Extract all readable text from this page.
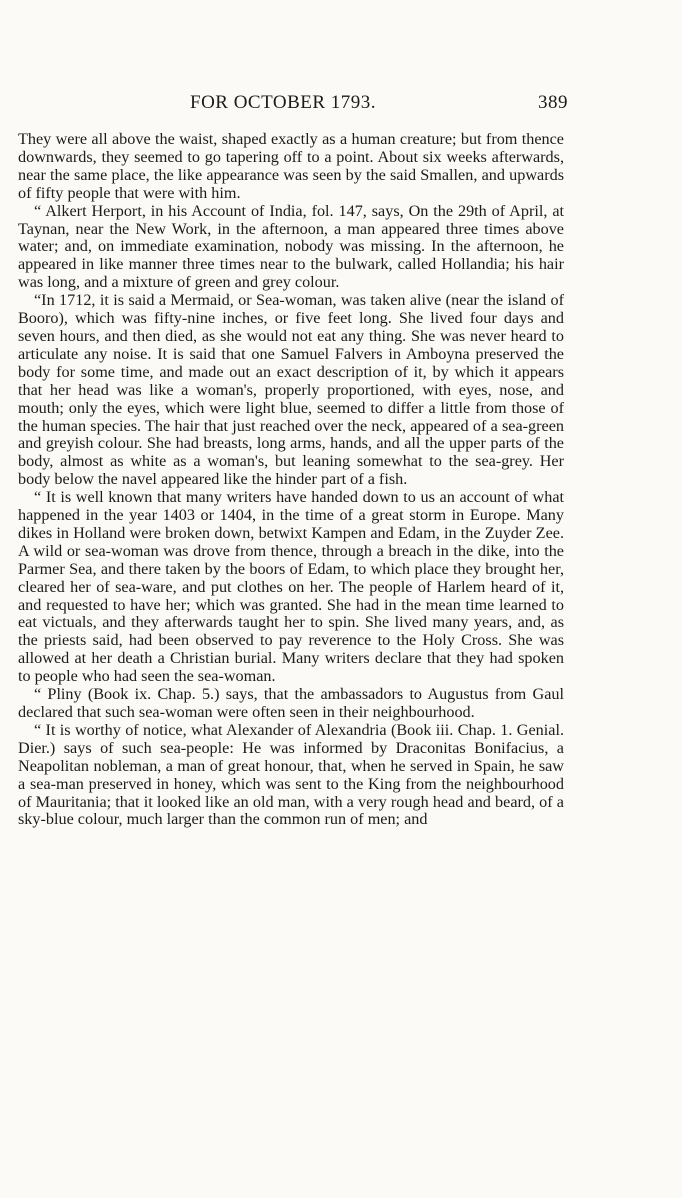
FOR OCTOBER 1793.	389

They were all above the waist, shaped exactly as a human creature; but from thence downwards, they seemed to go tapering off to a point. About six weeks afterwards, near the same place, the like appearance was seen by the said Smallen, and upwards of fifty people that were with him.

“ Alkert Herport, in his Account of India, fol. 147, says, On the 29th of April, at Taynan, near the New Work, in the afternoon, a man appeared three times above water; and, on immediate examination, nobody was missing. In the afternoon, he appeared in like manner three times near to the bulwark, called Hollandia; his hair was long, and a mixture of green and grey colour.

“In 1712, it is said a Mermaid, or Sea-woman, was taken alive (near the island of Booro), which was fifty-nine inches, or five feet long. She lived four days and seven hours, and then died, as she would not eat any thing. She was never heard to articulate any noise. It is said that one Samuel Falvers in Amboyna preserved the body for some time, and made out an exact description of it, by which it appears that her head was like a woman's, properly proportioned, with eyes, nose, and mouth; only the eyes, which were light blue, seemed to differ a little from those of the human species. The hair that just reached over the neck, appeared of a sea-green and greyish colour. She had breasts, long arms, hands, and all the upper parts of the body, almost as white as a woman's, but leaning somewhat to the sea-grey. Her body below the navel appeared like the hinder part of a fish.

“ It is well known that many writers have handed down to us an account of what happened in the year 1403 or 1404, in the time of a great storm in Europe. Many dikes in Holland were broken down, betwixt Kampen and Edam, in the Zuyder Zee. A wild or sea-woman was drove from thence, through a breach in the dike, into the Parmer Sea, and there taken by the boors of Edam, to which place they brought her, cleared her of sea-ware, and put clothes on her. The people of Harlem heard of it, and requested to have her; which was granted. She had in the mean time learned to eat victuals, and they afterwards taught her to spin. She lived many years, and, as the priests said, had been observed to pay reverence to the Holy Cross. She was allowed at her death a Christian burial. Many writers declare that they had spoken to people who had seen the sea-woman.

“ Pliny (Book ix. Chap. 5.) says, that the ambassadors to Augustus from Gaul declared that such sea-woman were often seen in their neighbourhood.

“ It is worthy of notice, what Alexander of Alexandria (Book iii. Chap. 1. Genial. Dier.) says of such sea-people: He was informed by Draconitas Bonifacius, a Neapolitan nobleman, a man of great honour, that, when he served in Spain, he saw a sea-man preserved in honey, which was sent to the King from the neighbourhood of Mauritania; that it looked like an old man, with a very rough head and beard, of a sky-blue colour, much larger than the common run of men; and
